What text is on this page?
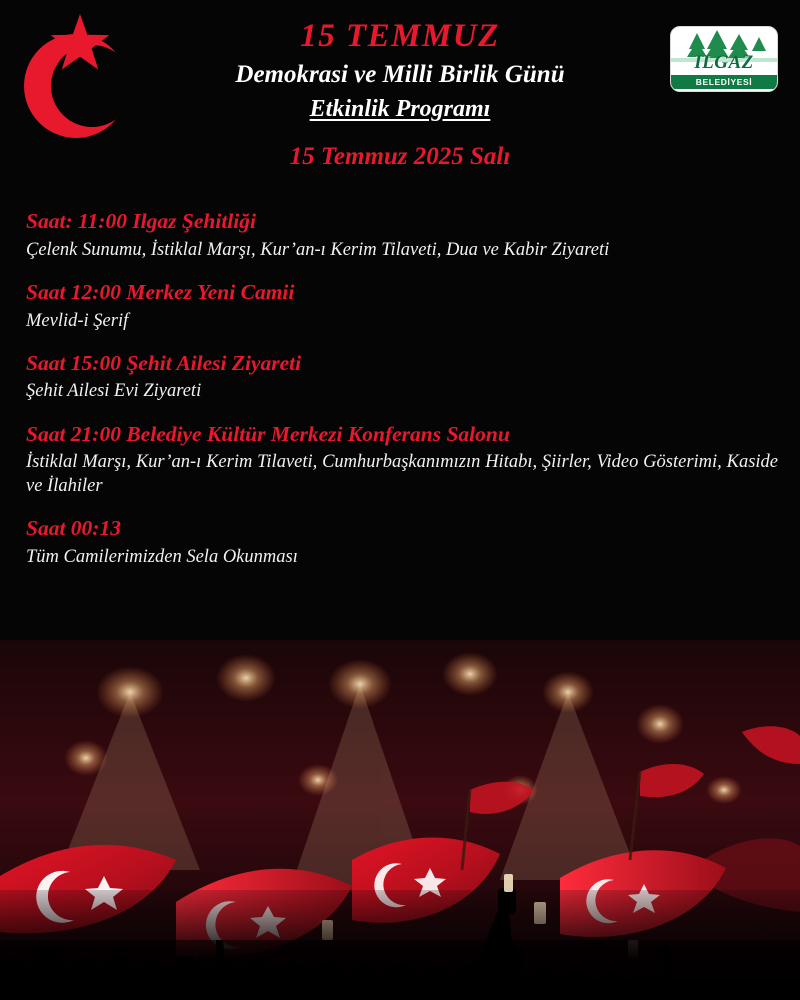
15 TEMMUZ
Demokrasi ve Milli Birlik Günü
Etkinlik Programı
15 Temmuz 2025 Salı
ILGAZ
BELEDİYESİ
Saat: 11:00 Ilgaz Şehitliği
Çelenk Sunumu, İstiklal Marşı, Kur’an-ı Kerim Tilaveti, Dua ve Kabir Ziyareti
Saat 12:00 Merkez Yeni Camii
Mevlid-i Şerif
Saat 15:00 Şehit Ailesi Ziyareti
Şehit Ailesi Evi Ziyareti
Saat 21:00 Belediye Kültür Merkezi Konferans Salonu
İstiklal Marşı, Kur’an-ı Kerim Tilaveti, Cumhurbaşkanımızın Hitabı, Şiirler, Video Gösterimi, Kaside ve İlahiler
Saat 00:13
Tüm Camilerimizden Sela Okunması
